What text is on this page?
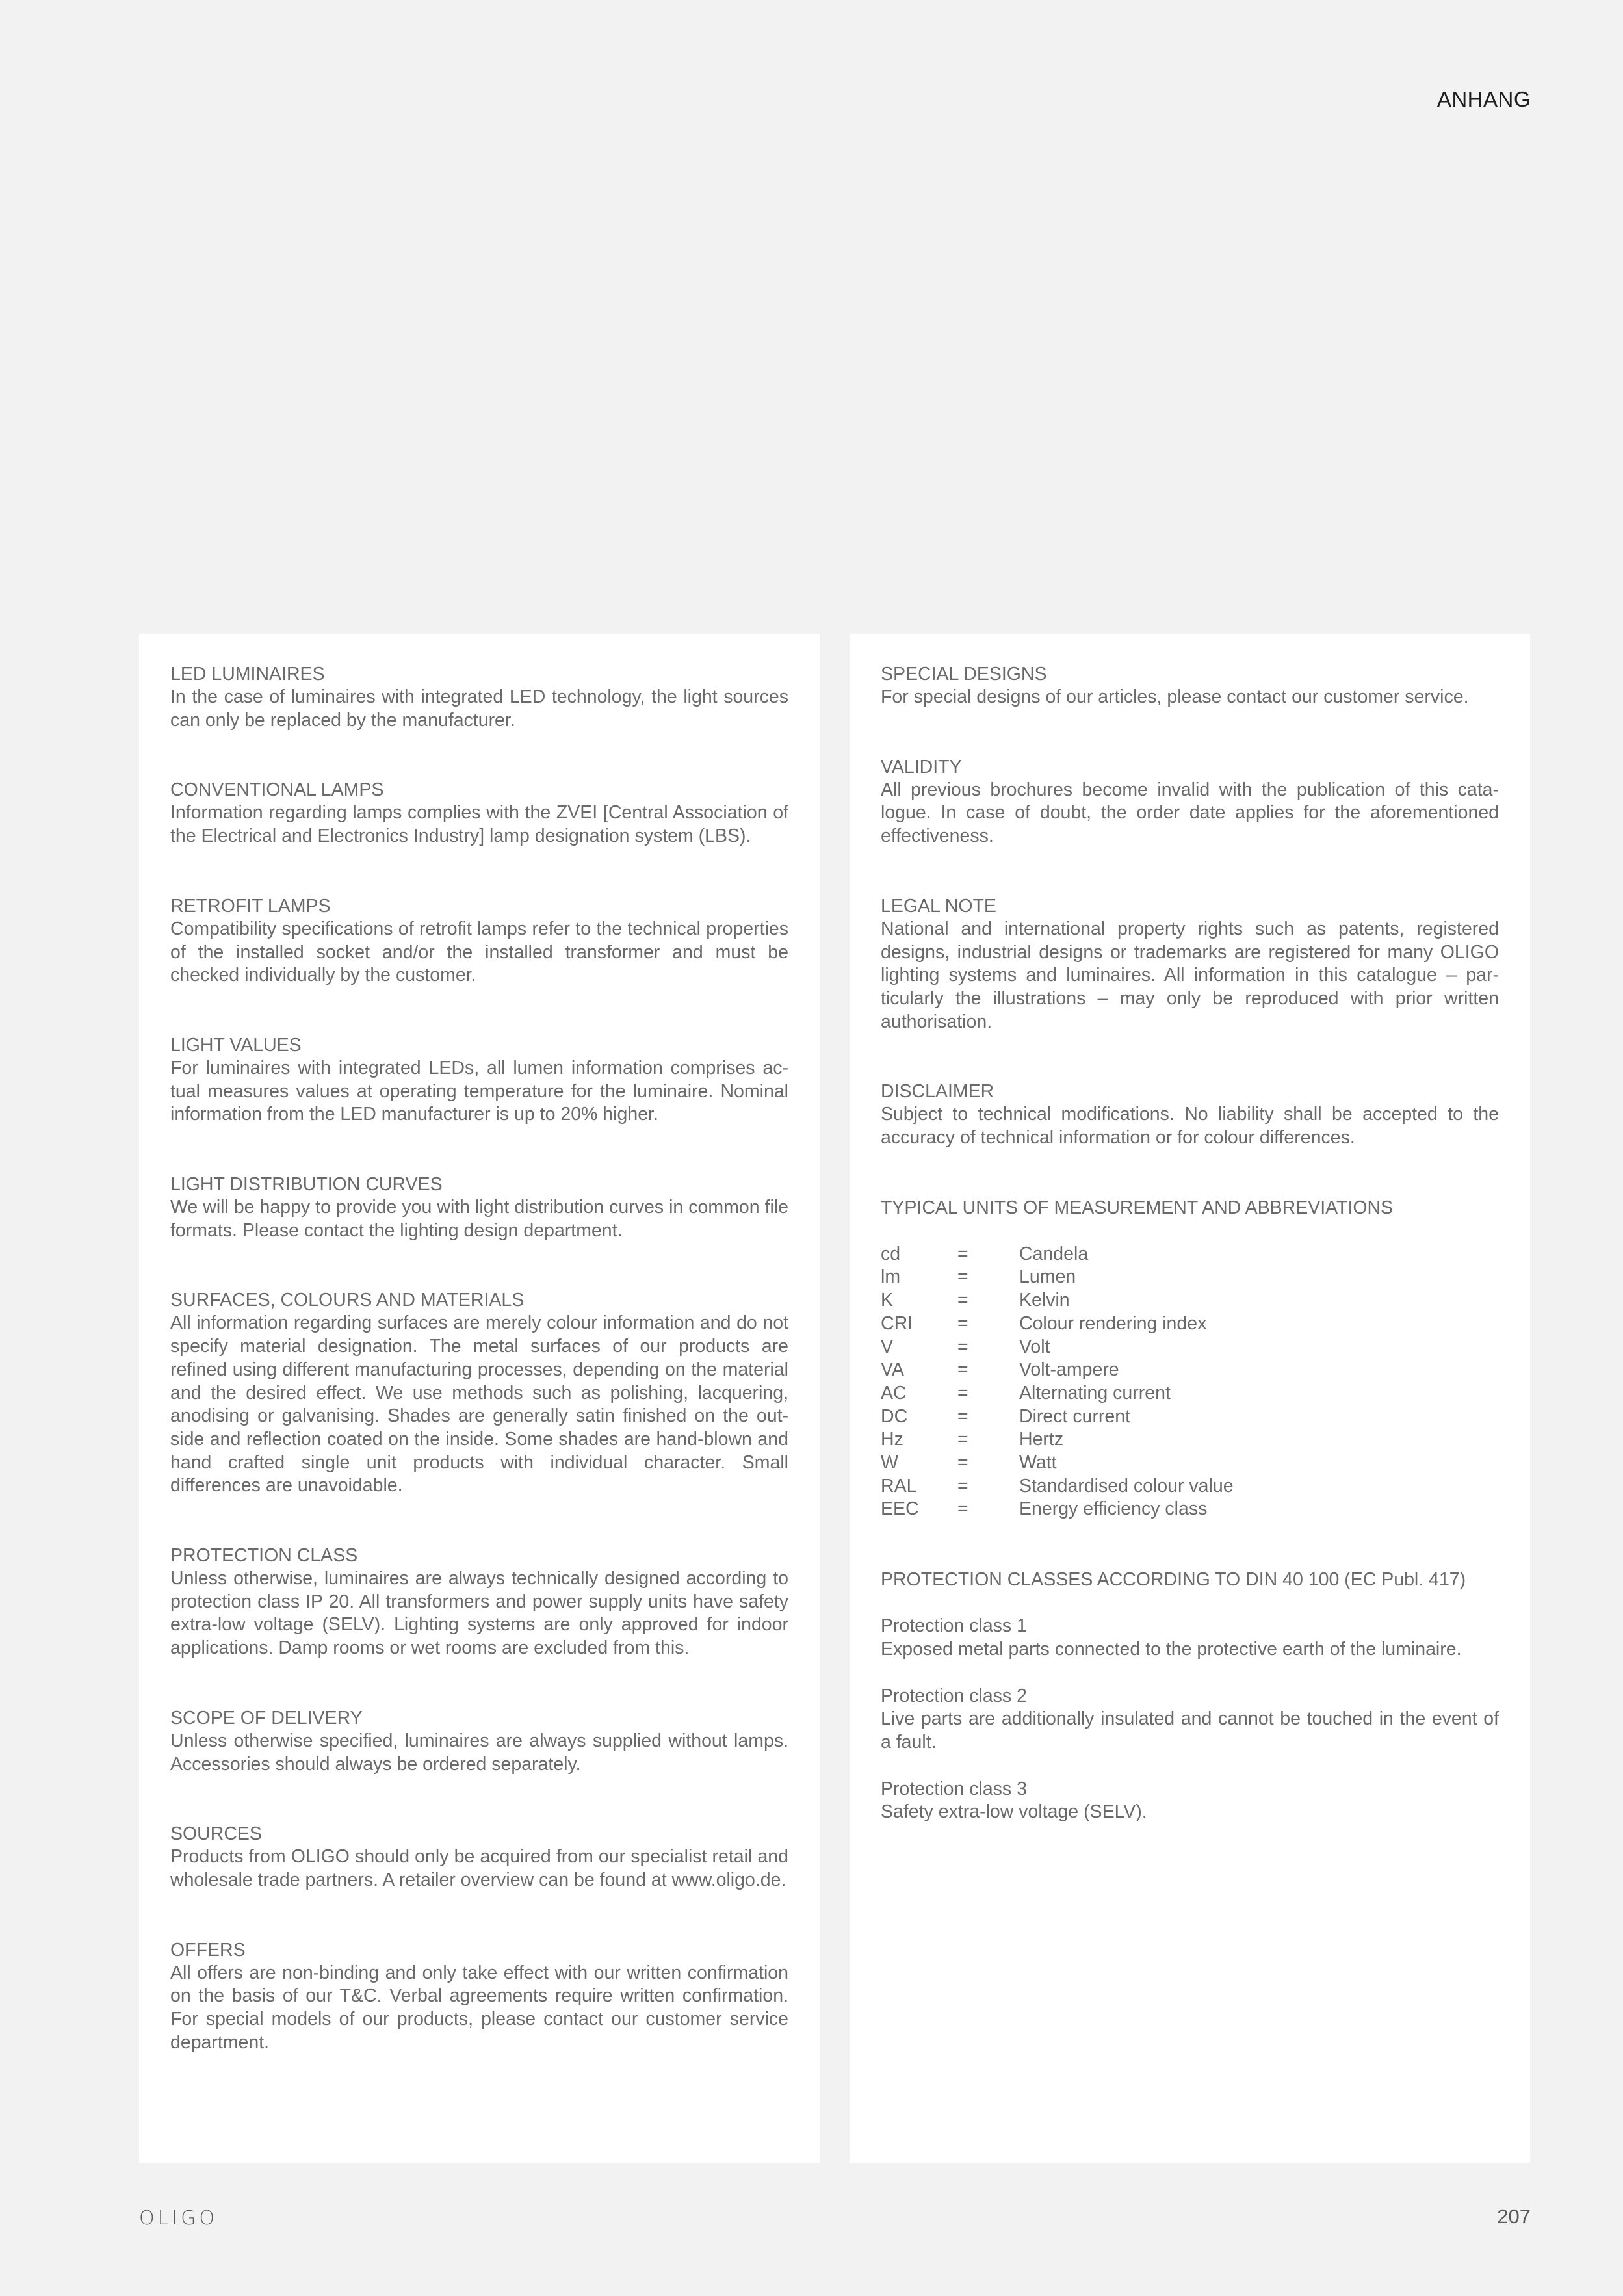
ANHANG
LED LUMINAIRES
In the case of luminaires with integrated LED technology, the light sources can only be replaced by the manufacturer.
CONVENTIONAL LAMPS
Information regarding lamps complies with the ZVEI [Central Association of the Electrical and Electronics Industry] lamp designation system (LBS).
RETROFIT LAMPS
Compatibility specifications of retrofit lamps refer to the technical properties of the installed socket and/or the installed transformer and must be checked individually by the customer.
LIGHT VALUES
For luminaires with integrated LEDs, all lumen information comprises actual measures values at operating temperature for the luminaire. Nominal information from the LED manufacturer is up to 20% higher.
LIGHT DISTRIBUTION CURVES
We will be happy to provide you with light distribution curves in common file formats. Please contact the lighting design department.
SURFACES, COLOURS AND MATERIALS
All information regarding surfaces are merely colour information and do not specify material designation. The metal surfaces of our products are refined using different manufacturing processes, depending on the material and the desired effect. We use methods such as polishing, lacquering, anodising or galvanising. Shades are generally satin finished on the outside and reflection coated on the inside. Some shades are hand-blown and hand crafted single unit products with individual character. Small differences are unavoidable.
PROTECTION CLASS
Unless otherwise, luminaires are always technically designed according to protection class IP 20. All transformers and power supply units have safety extra-low voltage (SELV). Lighting systems are only approved for indoor applications. Damp rooms or wet rooms are excluded from this.
SCOPE OF DELIVERY
Unless otherwise specified, luminaires are always supplied without lamps. Accessories should always be ordered separately.
SOURCES
Products from OLIGO should only be acquired from our specialist retail and wholesale trade partners. A retailer overview can be found at www.oligo.de.
OFFERS
All offers are non-binding and only take effect with our written confirmation on the basis of our T&C. Verbal agreements require written confirmation. For special models of our products, please contact our customer service department.
SPECIAL DESIGNS
For special designs of our articles, please contact our customer service.
VALIDITY
All previous brochures become invalid with the publication of this catalogue. In case of doubt, the order date applies for the aforementioned effectiveness.
LEGAL NOTE
National and international property rights such as patents, registered designs, industrial designs or trademarks are registered for many OLIGO lighting systems and luminaires. All information in this catalogue – particularly the illustrations – may only be reproduced with prior written authorisation.
DISCLAIMER
Subject to technical modifications. No liability shall be accepted to the accuracy of technical information or for colour differences.
TYPICAL UNITS OF MEASUREMENT AND ABBREVIATIONS
cd	=	Candela
lm	=	Lumen
K	=	Kelvin
CRI	=	Colour rendering index
V	=	Volt
VA	=	Volt-ampere
AC	=	Alternating current
DC	=	Direct current
Hz	=	Hertz
W	=	Watt
RAL	=	Standardised colour value
EEC	=	Energy efficiency class
PROTECTION CLASSES ACCORDING TO DIN 40 100 (EC Publ. 417)
Protection class 1
Exposed metal parts connected to the protective earth of the luminaire.
Protection class 2
Live parts are additionally insulated and cannot be touched in the event of a fault.
Protection class 3
Safety extra-low voltage (SELV).
OLIGO	207
